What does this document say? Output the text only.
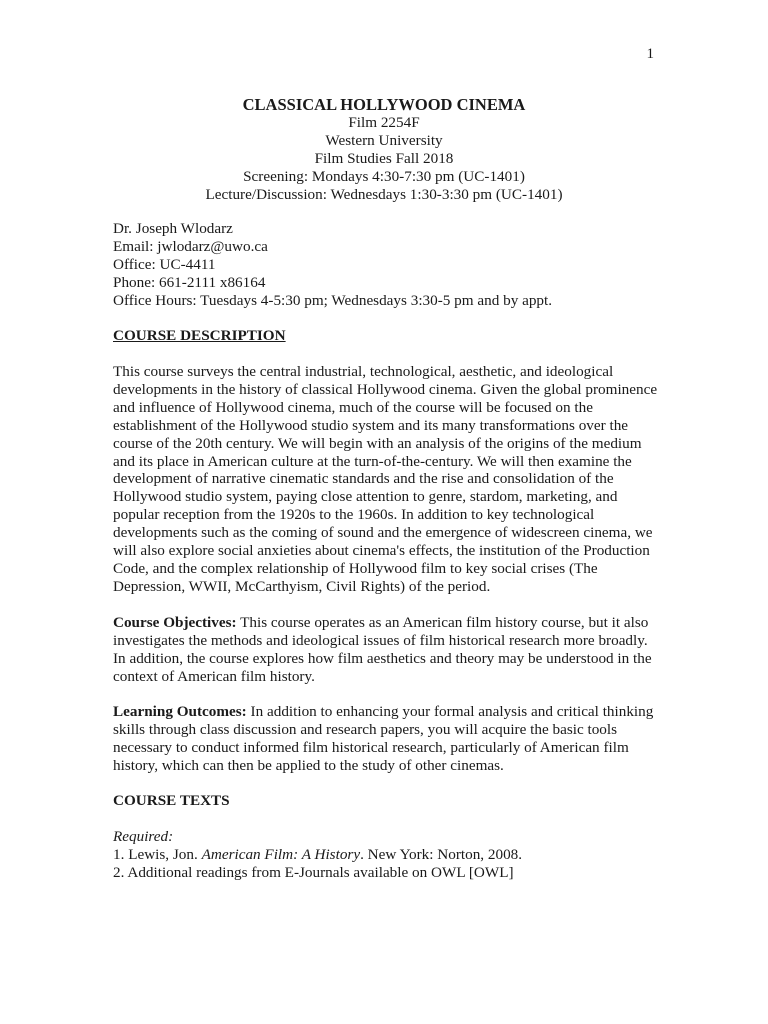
1
CLASSICAL HOLLYWOOD CINEMA
Film 2254F
Western University
Film Studies Fall 2018
Screening: Mondays 4:30-7:30 pm (UC-1401)
Lecture/Discussion: Wednesdays 1:30-3:30 pm (UC-1401)
Dr. Joseph Wlodarz
Email: jwlodarz@uwo.ca
Office: UC-4411
Phone: 661-2111 x86164
Office Hours: Tuesdays 4-5:30 pm; Wednesdays 3:30-5 pm and by appt.
COURSE DESCRIPTION
This course surveys the central industrial, technological, aesthetic, and ideological
developments in the history of classical Hollywood cinema. Given the global prominence
and influence of Hollywood cinema, much of the course will be focused on the
establishment of the Hollywood studio system and its many transformations over the
course of the 20th century. We will begin with an analysis of the origins of the medium
and its place in American culture at the turn-of-the-century. We will then examine the
development of narrative cinematic standards and the rise and consolidation of the
Hollywood studio system, paying close attention to genre, stardom, marketing, and
popular reception from the 1920s to the 1960s. In addition to key technological
developments such as the coming of sound and the emergence of widescreen cinema, we
will also explore social anxieties about cinema's effects, the institution of the Production
Code, and the complex relationship of Hollywood film to key social crises (The
Depression, WWII, McCarthyism, Civil Rights) of the period.
Course Objectives: This course operates as an American film history course, but it also
investigates the methods and ideological issues of film historical research more broadly.
In addition, the course explores how film aesthetics and theory may be understood in the
context of American film history.
Learning Outcomes: In addition to enhancing your formal analysis and critical thinking
skills through class discussion and research papers, you will acquire the basic tools
necessary to conduct informed film historical research, particularly of American film
history, which can then be applied to the study of other cinemas.
COURSE TEXTS
Required:
1. Lewis, Jon. American Film: A History. New York: Norton, 2008.
2. Additional readings from E-Journals available on OWL [OWL]
